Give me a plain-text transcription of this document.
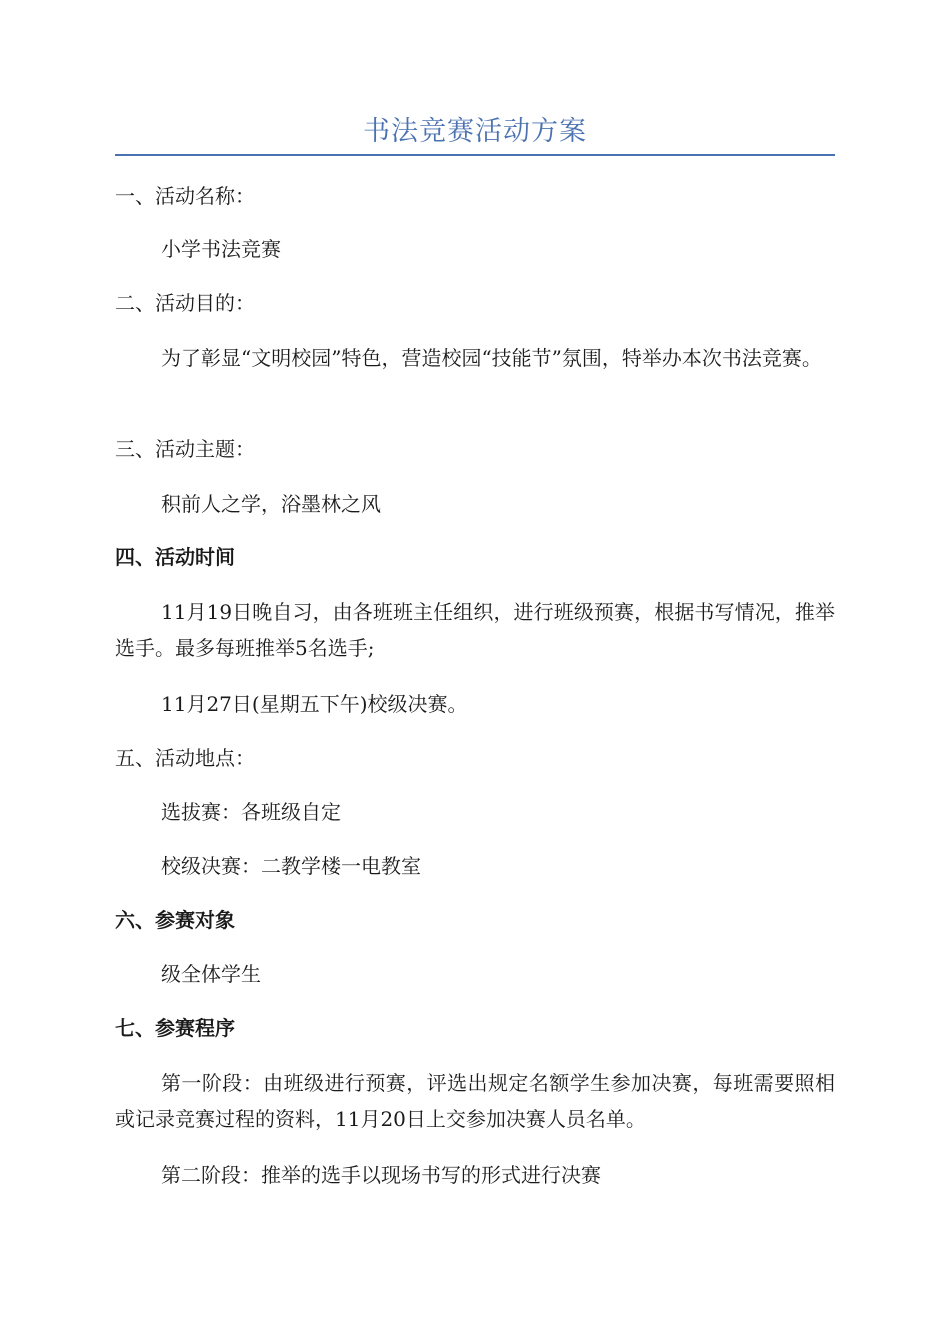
书法竞赛活动方案
一、活动名称：
小学书法竞赛
二、活动目的：
为了彰显“文明校园”特色，营造校园“技能节”氛围，特举办本次书法竞赛。
三、活动主题：
积前人之学，浴墨林之风
四、活动时间
11月19日晚自习，由各班班主任组织，进行班级预赛，根据书写情况，推举选手。最多每班推举5名选手;
11月27日(星期五下午)校级决赛。
五、活动地点：
选拔赛：各班级自定
校级决赛：二教学楼一电教室
六、参赛对象
级全体学生
七、参赛程序
第一阶段：由班级进行预赛，评选出规定名额学生参加决赛，每班需要照相或记录竞赛过程的资料，11月20日上交参加决赛人员名单。
第二阶段：推举的选手以现场书写的形式进行决赛
